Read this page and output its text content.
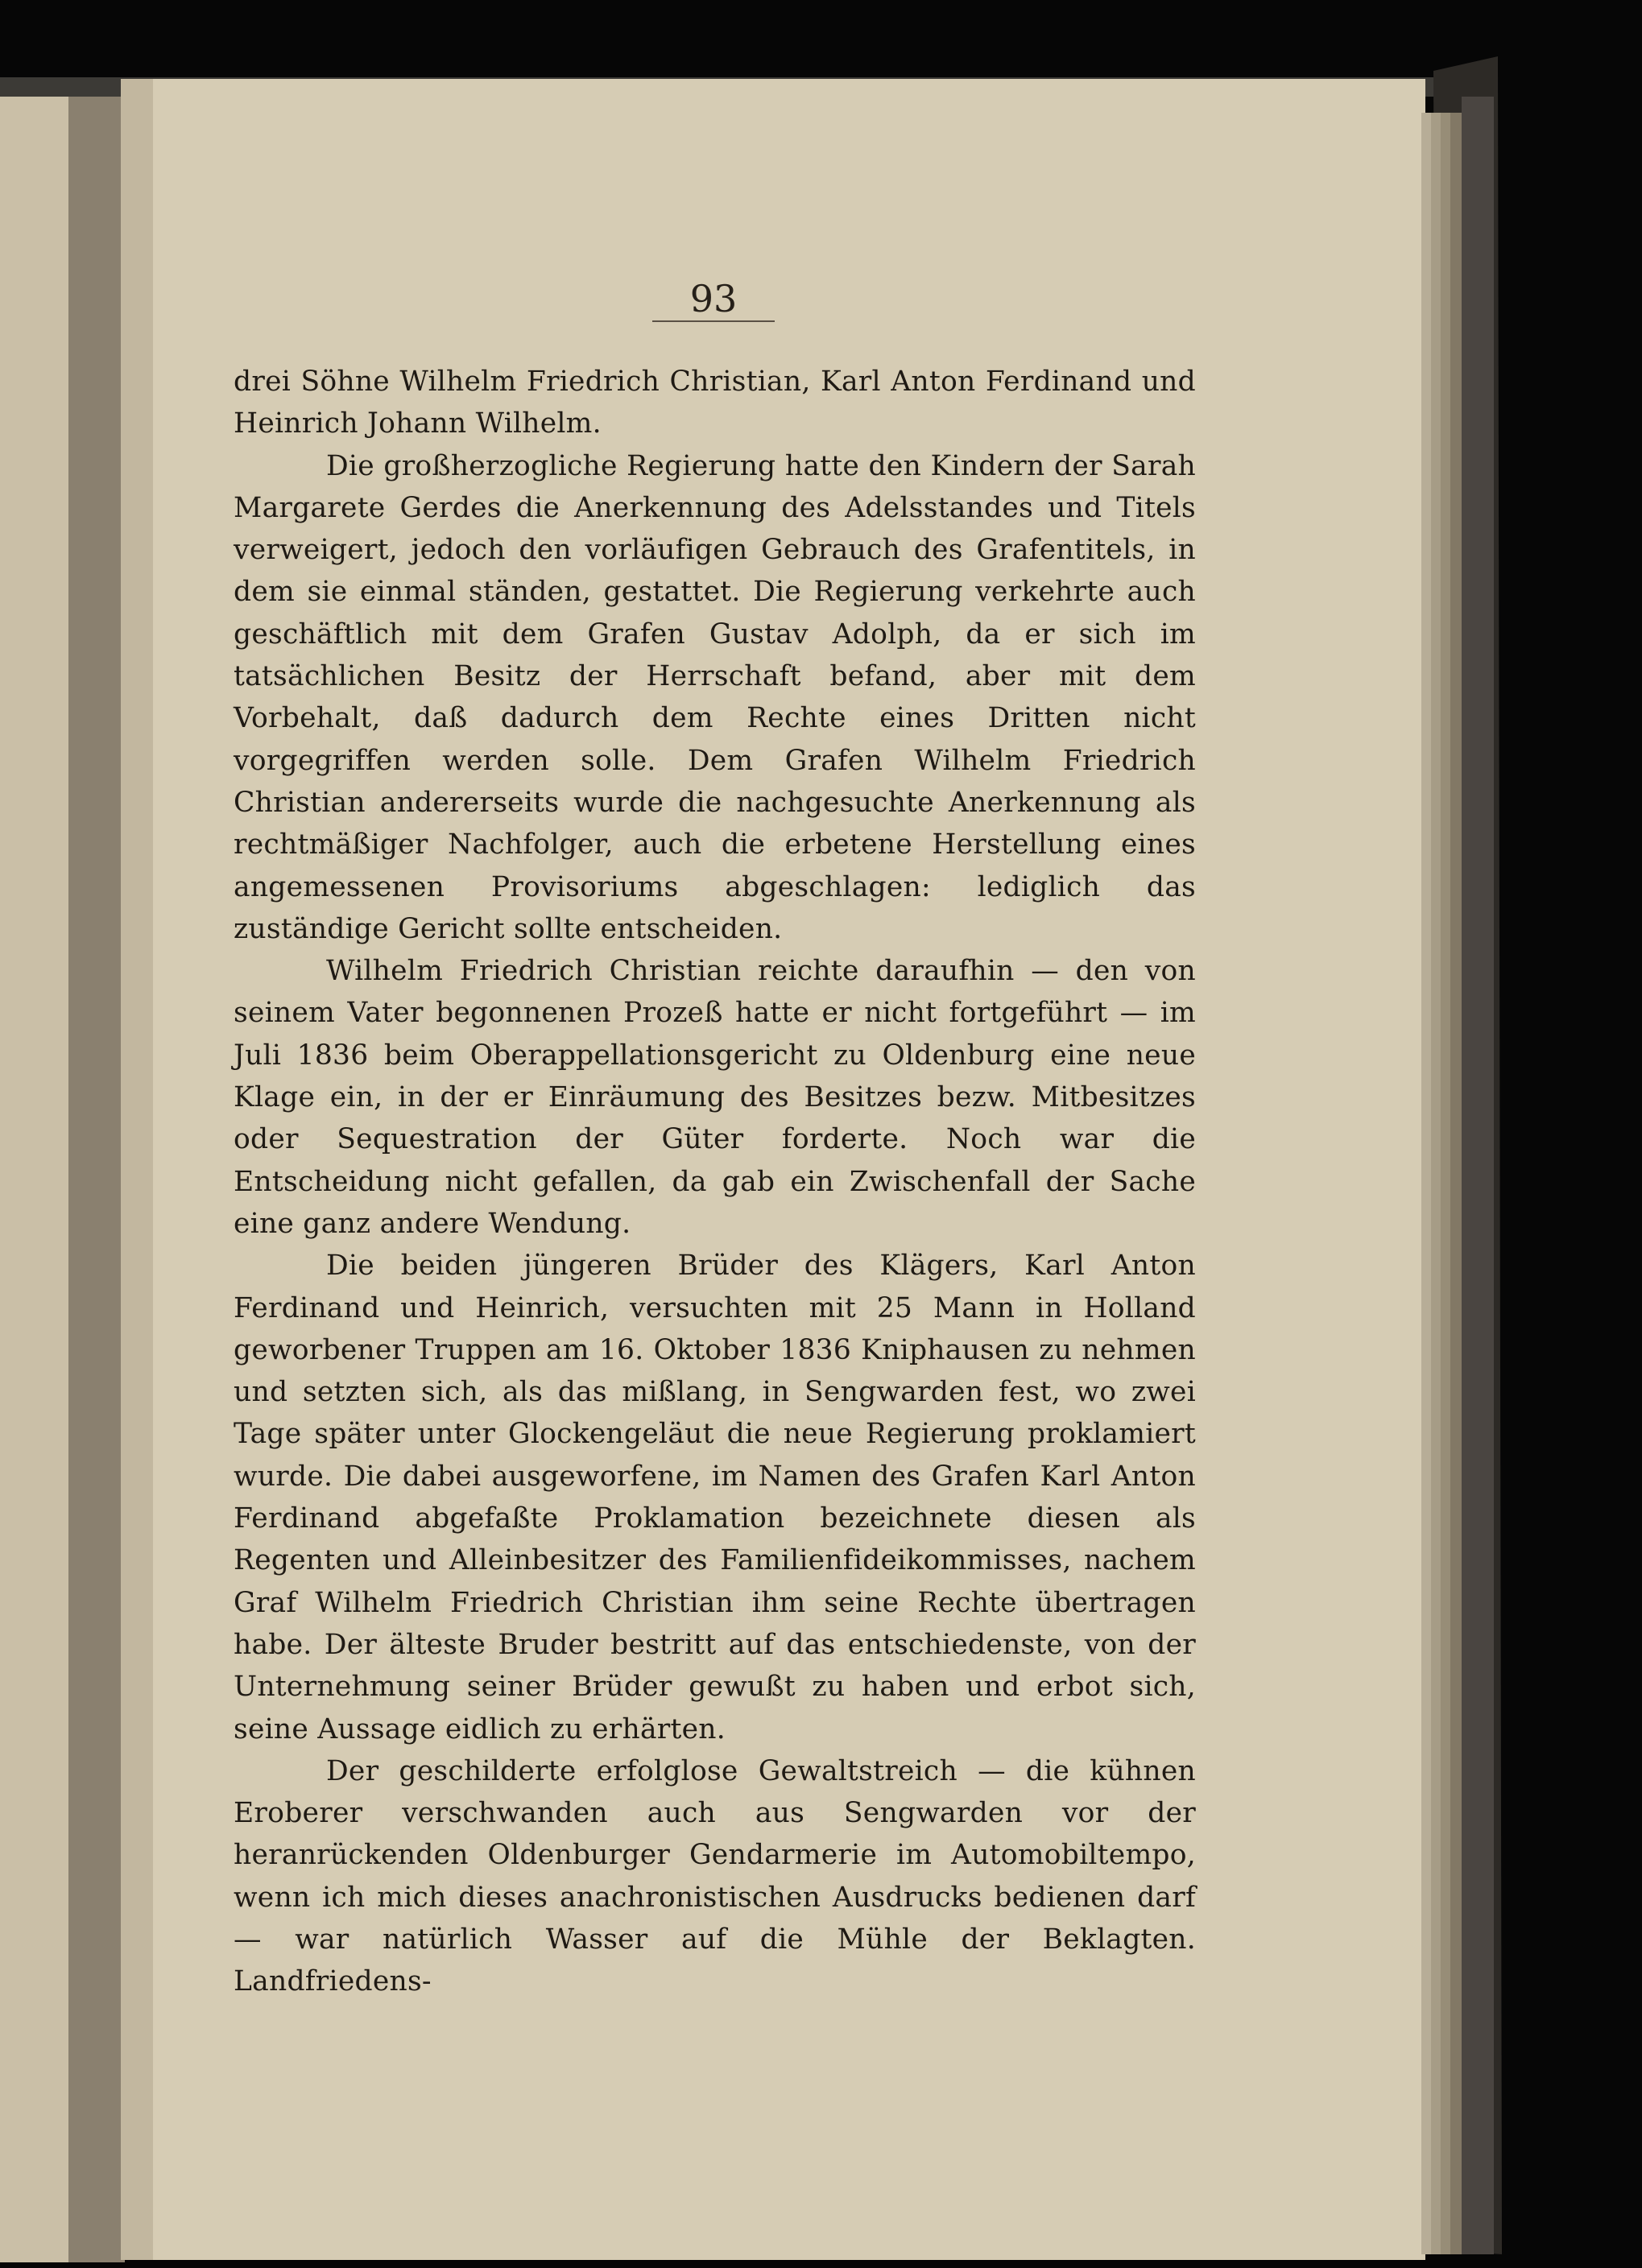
93

drei Söhne Wilhelm Friedrich Christian, Karl Anton Ferdinand und Heinrich Johann Wilhelm.

Die großherzogliche Regierung hatte den Kindern der Sarah Margarete Gerdes die Anerkennung des Adelsstandes und Titels verweigert, jedoch den vorläufigen Gebrauch des Grafentitels, in dem sie einmal ständen, gestattet. Die Regierung verkehrte auch geschäftlich mit dem Grafen Gustav Adolph, da er sich im tatsächlichen Besitz der Herrschaft befand, aber mit dem Vorbehalt, daß dadurch dem Rechte eines Dritten nicht vorgegriffen werden solle. Dem Grafen Wilhelm Friedrich Christian andererseits wurde die nachgesuchte Anerkennung als rechtmäßiger Nachfolger, auch die erbetene Herstellung eines angemessenen Provisoriums abgeschlagen: lediglich das zuständige Gericht sollte entscheiden.

Wilhelm Friedrich Christian reichte daraufhin — den von seinem Vater begonnenen Prozeß hatte er nicht fortgeführt — im Juli 1836 beim Oberappellationsgericht zu Oldenburg eine neue Klage ein, in der er Einräumung des Besitzes bezw. Mitbesitzes oder Sequestration der Güter forderte. Noch war die Entscheidung nicht gefallen, da gab ein Zwischenfall der Sache eine ganz andere Wendung.

Die beiden jüngeren Brüder des Klägers, Karl Anton Ferdinand und Heinrich, versuchten mit 25 Mann in Holland geworbener Truppen am 16. Oktober 1836 Kniphausen zu nehmen und setzten sich, als das mißlang, in Sengwarden fest, wo zwei Tage später unter Glockengeläut die neue Regierung proklamiert wurde. Die dabei ausgeworfene, im Namen des Grafen Karl Anton Ferdinand abgefaßte Proklamation bezeichnete diesen als Regenten und Alleinbesitzer des Familienfideikommisses, nachem Graf Wilhelm Friedrich Christian ihm seine Rechte übertragen habe. Der älteste Bruder bestritt auf das entschiedenste, von der Unternehmung seiner Brüder gewußt zu haben und erbot sich, seine Aussage eidlich zu erhärten.

Der geschilderte erfolglose Gewaltstreich — die kühnen Eroberer verschwanden auch aus Sengwarden vor der heranrückenden Oldenburger Gendarmerie im Automobiltempo, wenn ich mich dieses anachronistischen Ausdrucks bedienen darf — war natürlich Wasser auf die Mühle der Beklagten. Landfriedens-
